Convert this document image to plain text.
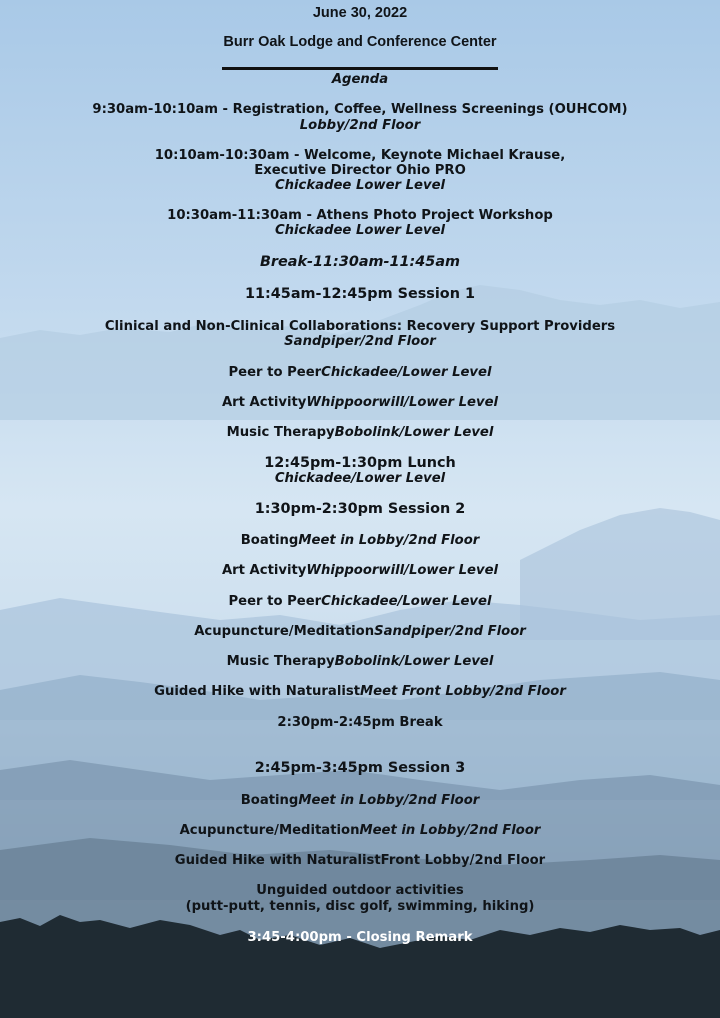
June 30, 2022
Burr Oak Lodge and Conference Center
Agenda
9:30am-10:10am - Registration, Coffee, Wellness Screenings (OUHCOM)
Lobby/2nd Floor
10:10am-10:30am - Welcome, Keynote Michael Krause,
Executive Director Ohio PRO
Chickadee Lower Level
10:30am-11:30am - Athens Photo Project Workshop
Chickadee Lower Level
Break-11:30am-11:45am
11:45am-12:45pm Session 1
Clinical and Non-Clinical Collaborations: Recovery Support Providers
Sandpiper/2nd Floor
Peer to PeerChickadee/Lower Level
Art ActivityWhippoorwill/Lower Level
Music TherapyBobolink/Lower Level
12:45pm-1:30pm Lunch
Chickadee/Lower Level
1:30pm-2:30pm Session 2
BoatingMeet in Lobby/2nd Floor
Art ActivityWhippoorwill/Lower Level
Peer to PeerChickadee/Lower Level
Acupuncture/MeditationSandpiper/2nd Floor
Music TherapyBobolink/Lower Level
Guided Hike with NaturalistMeet Front Lobby/2nd Floor
2:30pm-2:45pm Break
2:45pm-3:45pm Session 3
BoatingMeet in Lobby/2nd Floor
Acupuncture/MeditationMeet in Lobby/2nd Floor
Guided Hike with NaturalistFront Lobby/2nd Floor
Unguided outdoor activities
(putt-putt, tennis, disc golf, swimming, hiking)
3:45-4:00pm - Closing Remark
